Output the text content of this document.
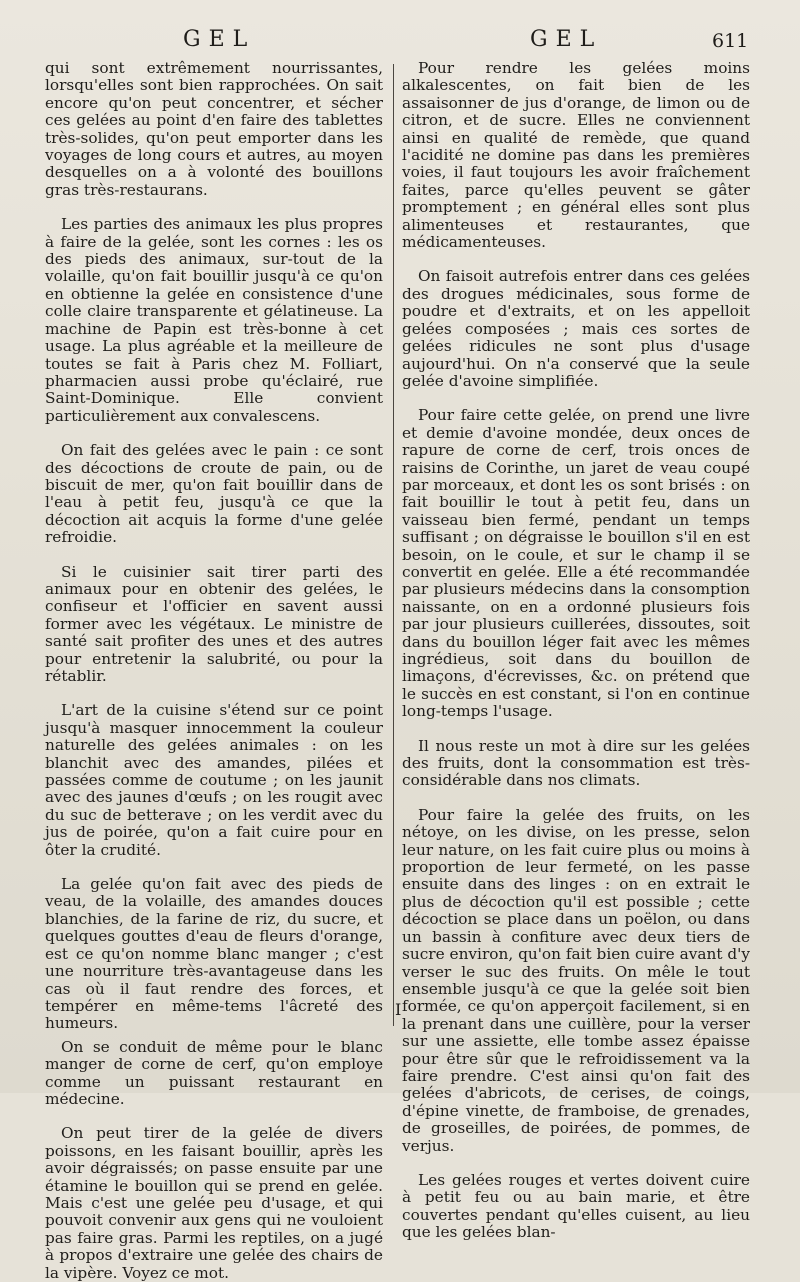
GEL	GEL	611

qui sont extrêmement nourrissantes, lorsqu'elles sont bien rapprochées. On sait encore qu'on peut concentrer, et sécher ces gelées au point d'en faire des tablettes très-solides, qu'on peut emporter dans les voyages de long cours et autres, au moyen desquelles on a à volonté des bouillons gras très-restaurans.

Les parties des animaux les plus propres à faire de la gelée, sont les cornes : les os des pieds des animaux, sur-tout de la volaille, qu'on fait bouillir jusqu'à ce qu'on en obtienne la gelée en consistence d'une colle claire transparente et gélatineuse. La machine de Papin est très-bonne à cet usage. La plus agréable et la meilleure de toutes se fait à Paris chez M. Folliart, pharmacien aussi probe qu'éclairé, rue Saint-Dominique. Elle convient particulièrement aux convalescens.

On fait des gelées avec le pain : ce sont des décoctions de croute de pain, ou de biscuit de mer, qu'on fait bouillir dans de l'eau à petit feu, jusqu'à ce que la décoction ait acquis la forme d'une gelée refroidie.

Si le cuisinier sait tirer parti des animaux pour en obtenir des gelées, le confiseur et l'officier en savent aussi former avec les végétaux. Le ministre de santé sait profiter des unes et des autres pour entretenir la salubrité, ou pour la rétablir.

L'art de la cuisine s'étend sur ce point jusqu'à masquer innocemment la couleur naturelle des gelées animales : on les blanchit avec des amandes, pilées et passées comme de coutume ; on les jaunit avec des jaunes d'œufs ; on les rougit avec du suc de betterave ; on les verdit avec du jus de poirée, qu'on a fait cuire pour en ôter la crudité.

La gelée qu'on fait avec des pieds de veau, de la volaille, des amandes douces blanchies, de la farine de riz, du sucre, et quelques gouttes d'eau de fleurs d'orange, est ce qu'on nomme blanc manger ; c'est une nourriture très-avantageuse dans les cas où il faut rendre des forces, et tempérer en même-tems l'âcreté des humeurs.

On se conduit de même pour le blanc manger de corne de cerf, qu'on employe comme un puissant restaurant en médecine.

On peut tirer de la gelée de divers poissons, en les faisant bouillir, après les avoir dégraissés; on passe ensuite par une étamine le bouillon qui se prend en gelée. Mais c'est une gelée peu d'usage, et qui pouvoit convenir aux gens qui ne vouloient pas faire gras. Parmi les reptiles, on a jugé à propos d'extraire une gelée des chairs de la vipère. Voyez ce mot.

Pour rendre les gelées moins alkalescentes, on fait bien de les assaisonner de jus d'orange, de limon ou de citron, et de sucre. Elles ne conviennent ainsi en qualité de remède, que quand l'acidité ne domine pas dans les premières voies, il faut toujours les avoir fraîchement faites, parce qu'elles peuvent se gâter promptement ; en général elles sont plus alimenteuses et restaurantes, que médicamenteuses.

On faisoit autrefois entrer dans ces gelées des drogues médicinales, sous forme de poudre et d'extraits, et on les appelloit gelées composées ; mais ces sortes de gelées ridicules ne sont plus d'usage aujourd'hui. On n'a conservé que la seule gelée d'avoine simplifiée.

Pour faire cette gelée, on prend une livre et demie d'avoine mondée, deux onces de rapure de corne de cerf, trois onces de raisins de Corinthe, un jaret de veau coupé par morceaux, et dont les os sont brisés : on fait bouillir le tout à petit feu, dans un vaisseau bien fermé, pendant un temps suffisant ; on dégraisse le bouillon s'il en est besoin, on le coule, et sur le champ il se convertit en gelée. Elle a été recommandée par plusieurs médecins dans la consomption naissante, on en a ordonné plusieurs fois par jour plusieurs cuillerées, dissoutes, soit dans du bouillon léger fait avec les mêmes ingrédieus, soit dans du bouillon de limaçons, d'écrevisses, &c. on prétend que le succès en est constant, si l'on en continue long-temps l'usage.

Il nous reste un mot à dire sur les gelées des fruits, dont la consommation est très-considérable dans nos climats.

Pour faire la gelée des fruits, on les nétoye, on les divise, on les presse, selon leur nature, on les fait cuire plus ou moins à proportion de leur fermeté, on les passe ensuite dans des linges : on en extrait le plus de décoction qu'il est possible ; cette décoction se place dans un poëlon, ou dans un bassin à confiture avec deux tiers de sucre environ, qu'on fait bien cuire avant d'y verser le suc des fruits. On mêle le tout ensemble jusqu'à ce que la gelée soit bien formée, ce qu'on apperçoit facilement, si en la prenant dans une cuillère, pour la verser sur une assiette, elle tombe assez épaisse pour être sûr que le refroidissement va la faire prendre. C'est ainsi qu'on fait des gelées d'abricots, de cerises, de coings, d'épine vinette, de framboise, de grenades, de groseilles, de poirées, de pommes, de verjus.

Les gelées rouges et vertes doivent cuire à petit feu ou au bain marie, et être couvertes pendant qu'elles cuisent, au lieu que les gelées blan-

I
